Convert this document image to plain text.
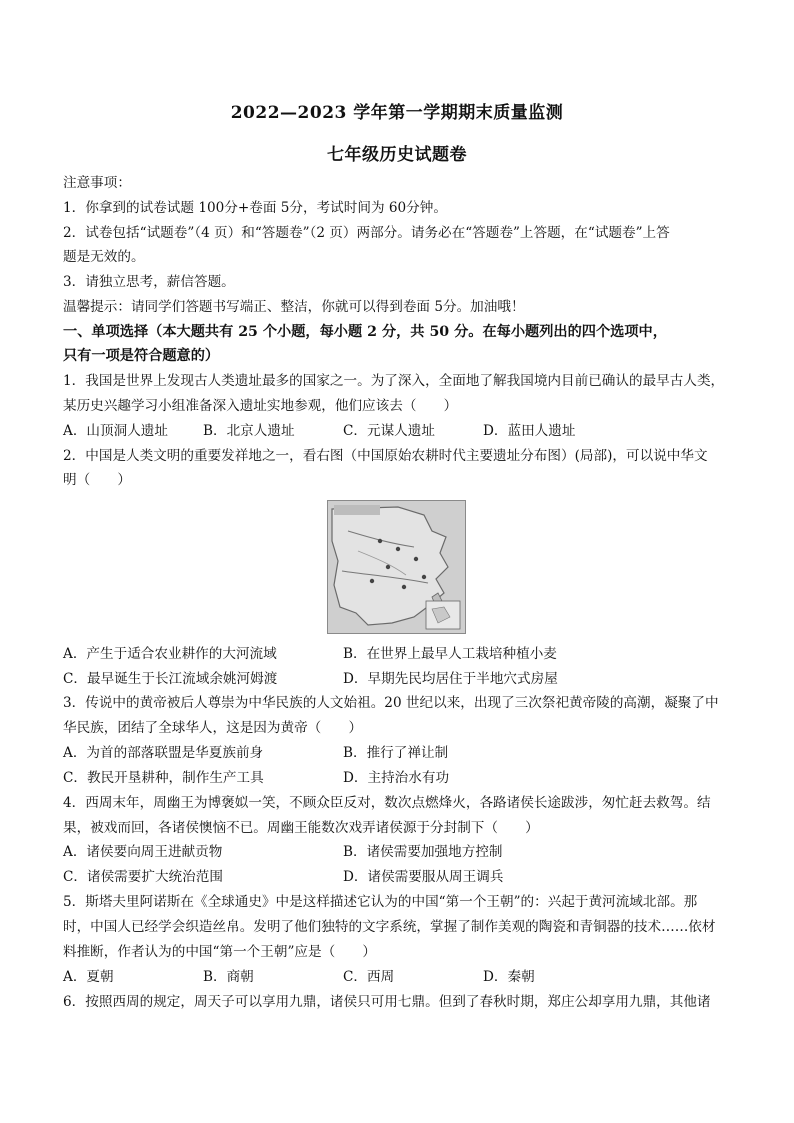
2022—2023 学年第一学期期末质量监测
七年级历史试题卷
注意事项：
1．你拿到的试卷试题 100分+卷面 5分，考试时间为 60分钟。
2．试卷包括“试题卷”（4 页）和“答题卷”（2 页）两部分。请务必在“答题卷”上答题，在“试题卷”上答
题是无效的。
3．请独立思考，薪信答题。
温馨提示：请同学们答题书写端正、整洁，你就可以得到卷面 5分。加油哦！
一、单项选择（本大题共有 25 个小题，每小题 2 分，共 50 分。在每小题列出的四个选项中，
只有一项是符合题意的）
1．我国是世界上发现古人类遗址最多的国家之一。为了深入，全面地了解我国境内目前已确认的最早古人类，
某历史兴趣学习小组准备深入遗址实地参观，他们应该去（　　）
A．山顶洞人遗址	B．北京人遗址	C．元谋人遗址	D．蓝田人遗址
2．中国是人类文明的重要发祥地之一，看右图（中国原始农耕时代主要遗址分布图）(局部)，可以说中华文
明（　　）
A．产生于适合农业耕作的大河流域	B．在世界上最早人工栽培种植小麦
C．最早诞生于长江流域余姚河姆渡	D．早期先民均居住于半地穴式房屋
3．传说中的黄帝被后人尊崇为中华民族的人文始祖。20 世纪以来，出现了三次祭祀黄帝陵的高潮，凝聚了中
华民族，团结了全球华人，这是因为黄帝（　　）
A．为首的部落联盟是华夏族前身	B．推行了禅让制
C．教民开垦耕种，制作生产工具	D．主持治水有功
4．西周末年，周幽王为博褒姒一笑，不顾众臣反对，数次点燃烽火，各路诸侯长途跋涉，匆忙赶去救驾。结
果，被戏而回，各诸侯懊恼不已。周幽王能数次戏弄诸侯源于分封制下（　　）
A．诸侯要向周王进献贡物	B．诸侯需要加强地方控制
C．诸侯需要扩大统治范围	D．诸侯需要服从周王调兵
5．斯塔夫里阿诺斯在《全球通史》中是这样描述它认为的中国“第一个王朝”的：兴起于黄河流域北部。那
时，中国人已经学会织造丝帛。发明了他们独特的文字系统，掌握了制作美观的陶瓷和青铜器的技术……依材
料推断，作者认为的中国“第一个王朝”应是（　　）
A．夏朝	B．商朝	C．西周	D．秦朝
6．按照西周的规定，周天子可以享用九鼎，诸侯只可用七鼎。但到了春秋时期，郑庄公却享用九鼎，其他诸
